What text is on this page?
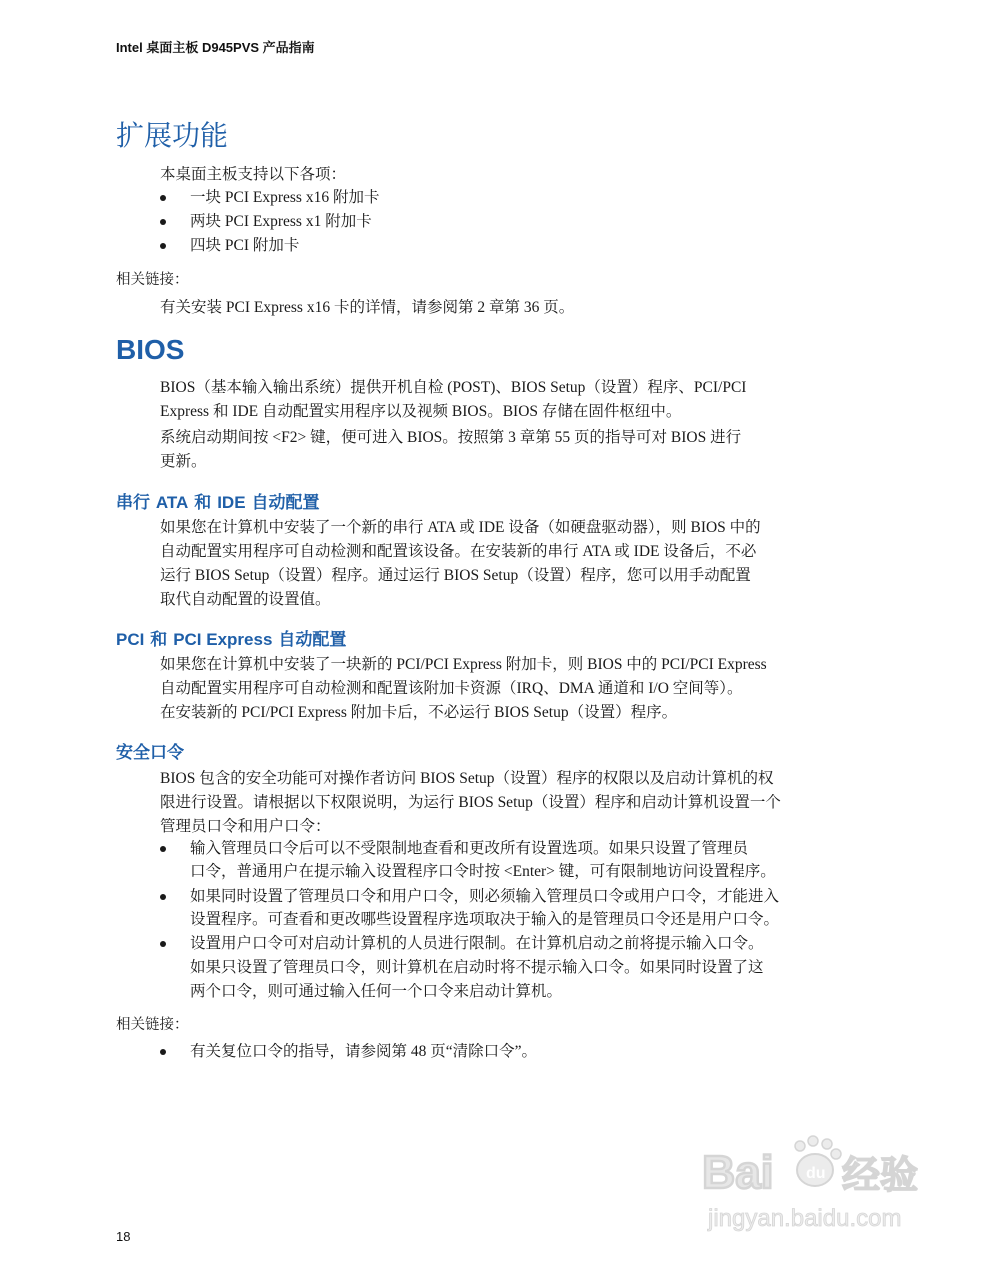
Intel 桌面主板 D945PVS 产品指南
扩展功能

本桌面主板支持以下各项：

一块 PCI Express x16 附加卡
两块 PCI Express x1 附加卡
四块 PCI 附加卡
相关链接：

有关安装 PCI Express x16 卡的详情，请参阅第 2 章第 36 页。

BIOS

BIOS（基本输入输出系统）提供开机自检 (POST)、BIOS Setup（设置）程序、PCI/PCI

Express 和 IDE 自动配置实用程序以及视频 BIOS。BIOS 存储在固件枢纽中。

系统启动期间按 <F2> 键，便可进入 BIOS。按照第 3 章第 55 页的指导可对 BIOS 进行

更新。

串行 ATA 和 IDE 自动配置

如果您在计算机中安装了一个新的串行 ATA 或 IDE 设备（如硬盘驱动器），则 BIOS 中的

自动配置实用程序可自动检测和配置该设备。在安装新的串行 ATA 或 IDE 设备后，不必

运行 BIOS Setup（设置）程序。通过运行 BIOS Setup（设置）程序，您可以用手动配置

取代自动配置的设置值。

PCI 和 PCI Express 自动配置

如果您在计算机中安装了一块新的 PCI/PCI Express 附加卡，则 BIOS 中的 PCI/PCI Express

自动配置实用程序可自动检测和配置该附加卡资源（IRQ、DMA 通道和 I/O 空间等）。

在安装新的 PCI/PCI Express 附加卡后，不必运行 BIOS Setup（设置）程序。

安全口令

BIOS 包含的安全功能可对操作者访问 BIOS Setup（设置）程序的权限以及启动计算机的权

限进行设置。请根据以下权限说明，为运行 BIOS Setup（设置）程序和启动计算机设置一个

管理员口令和用户口令：

输入管理员口令后可以不受限制地查看和更改所有设置选项。如果只设置了管理员

口令，普通用户在提示输入设置程序口令时按 <Enter> 键，可有限制地访问设置程序。

如果同时设置了管理员口令和用户口令，则必须输入管理员口令或用户口令，才能进入

设置程序。可查看和更改哪些设置程序选项取决于输入的是管理员口令还是用户口令。

设置用户口令可对启动计算机的人员进行限制。在计算机启动之前将提示输入口令。

如果只设置了管理员口令，则计算机在启动时将不提示输入口令。如果同时设置了这

两个口令，则可通过输入任何一个口令来启动计算机。

相关链接：
有关复位口令的指导，请参阅第 48 页“清除口令”。
Bai du 经验
jingyan.baidu.com
18
